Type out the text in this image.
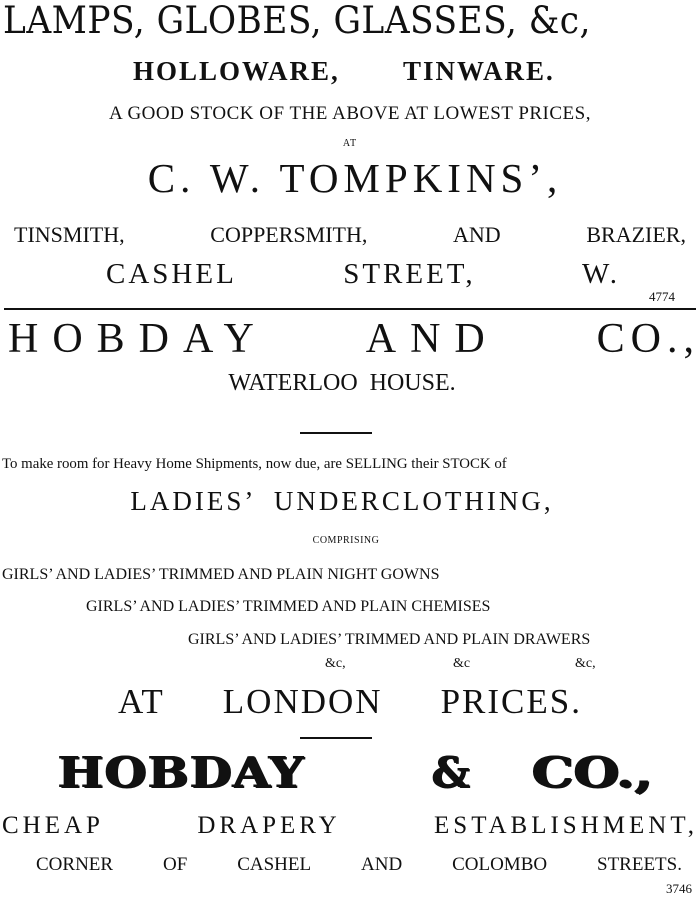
LAMPS, GLOBES, GLASSES, &c,
HOLLOWARE, TINWARE.
A GOOD STOCK OF THE ABOVE AT LOWEST PRICES,
AT
C. W. TOMPKINS’,
TINSMITH,	COPPERSMITH,	AND	BRAZIER,
CASHEL	STREET,	W.
4774
HOBDAY AND CO.,
WATERLOO HOUSE.
To make room for Heavy Home Shipments, now due, are SELLING their STOCK of
LADIES’  UNDERCLOTHING,
COMPRISING
GIRLS’ AND LADIES’ TRIMMED AND PLAIN NIGHT GOWNS
GIRLS’ AND LADIES’ TRIMMED AND PLAIN CHEMISES
GIRLS’ AND LADIES’ TRIMMED AND PLAIN DRAWERS
&c,	&c	&c,
AT LONDON PRICES.
HOBDAY	& CO.,
CHEAP	DRAPERY	ESTABLISHMENT,
CORNER	OF	CASHEL	AND	COLOMBO	STREETS.
3746
